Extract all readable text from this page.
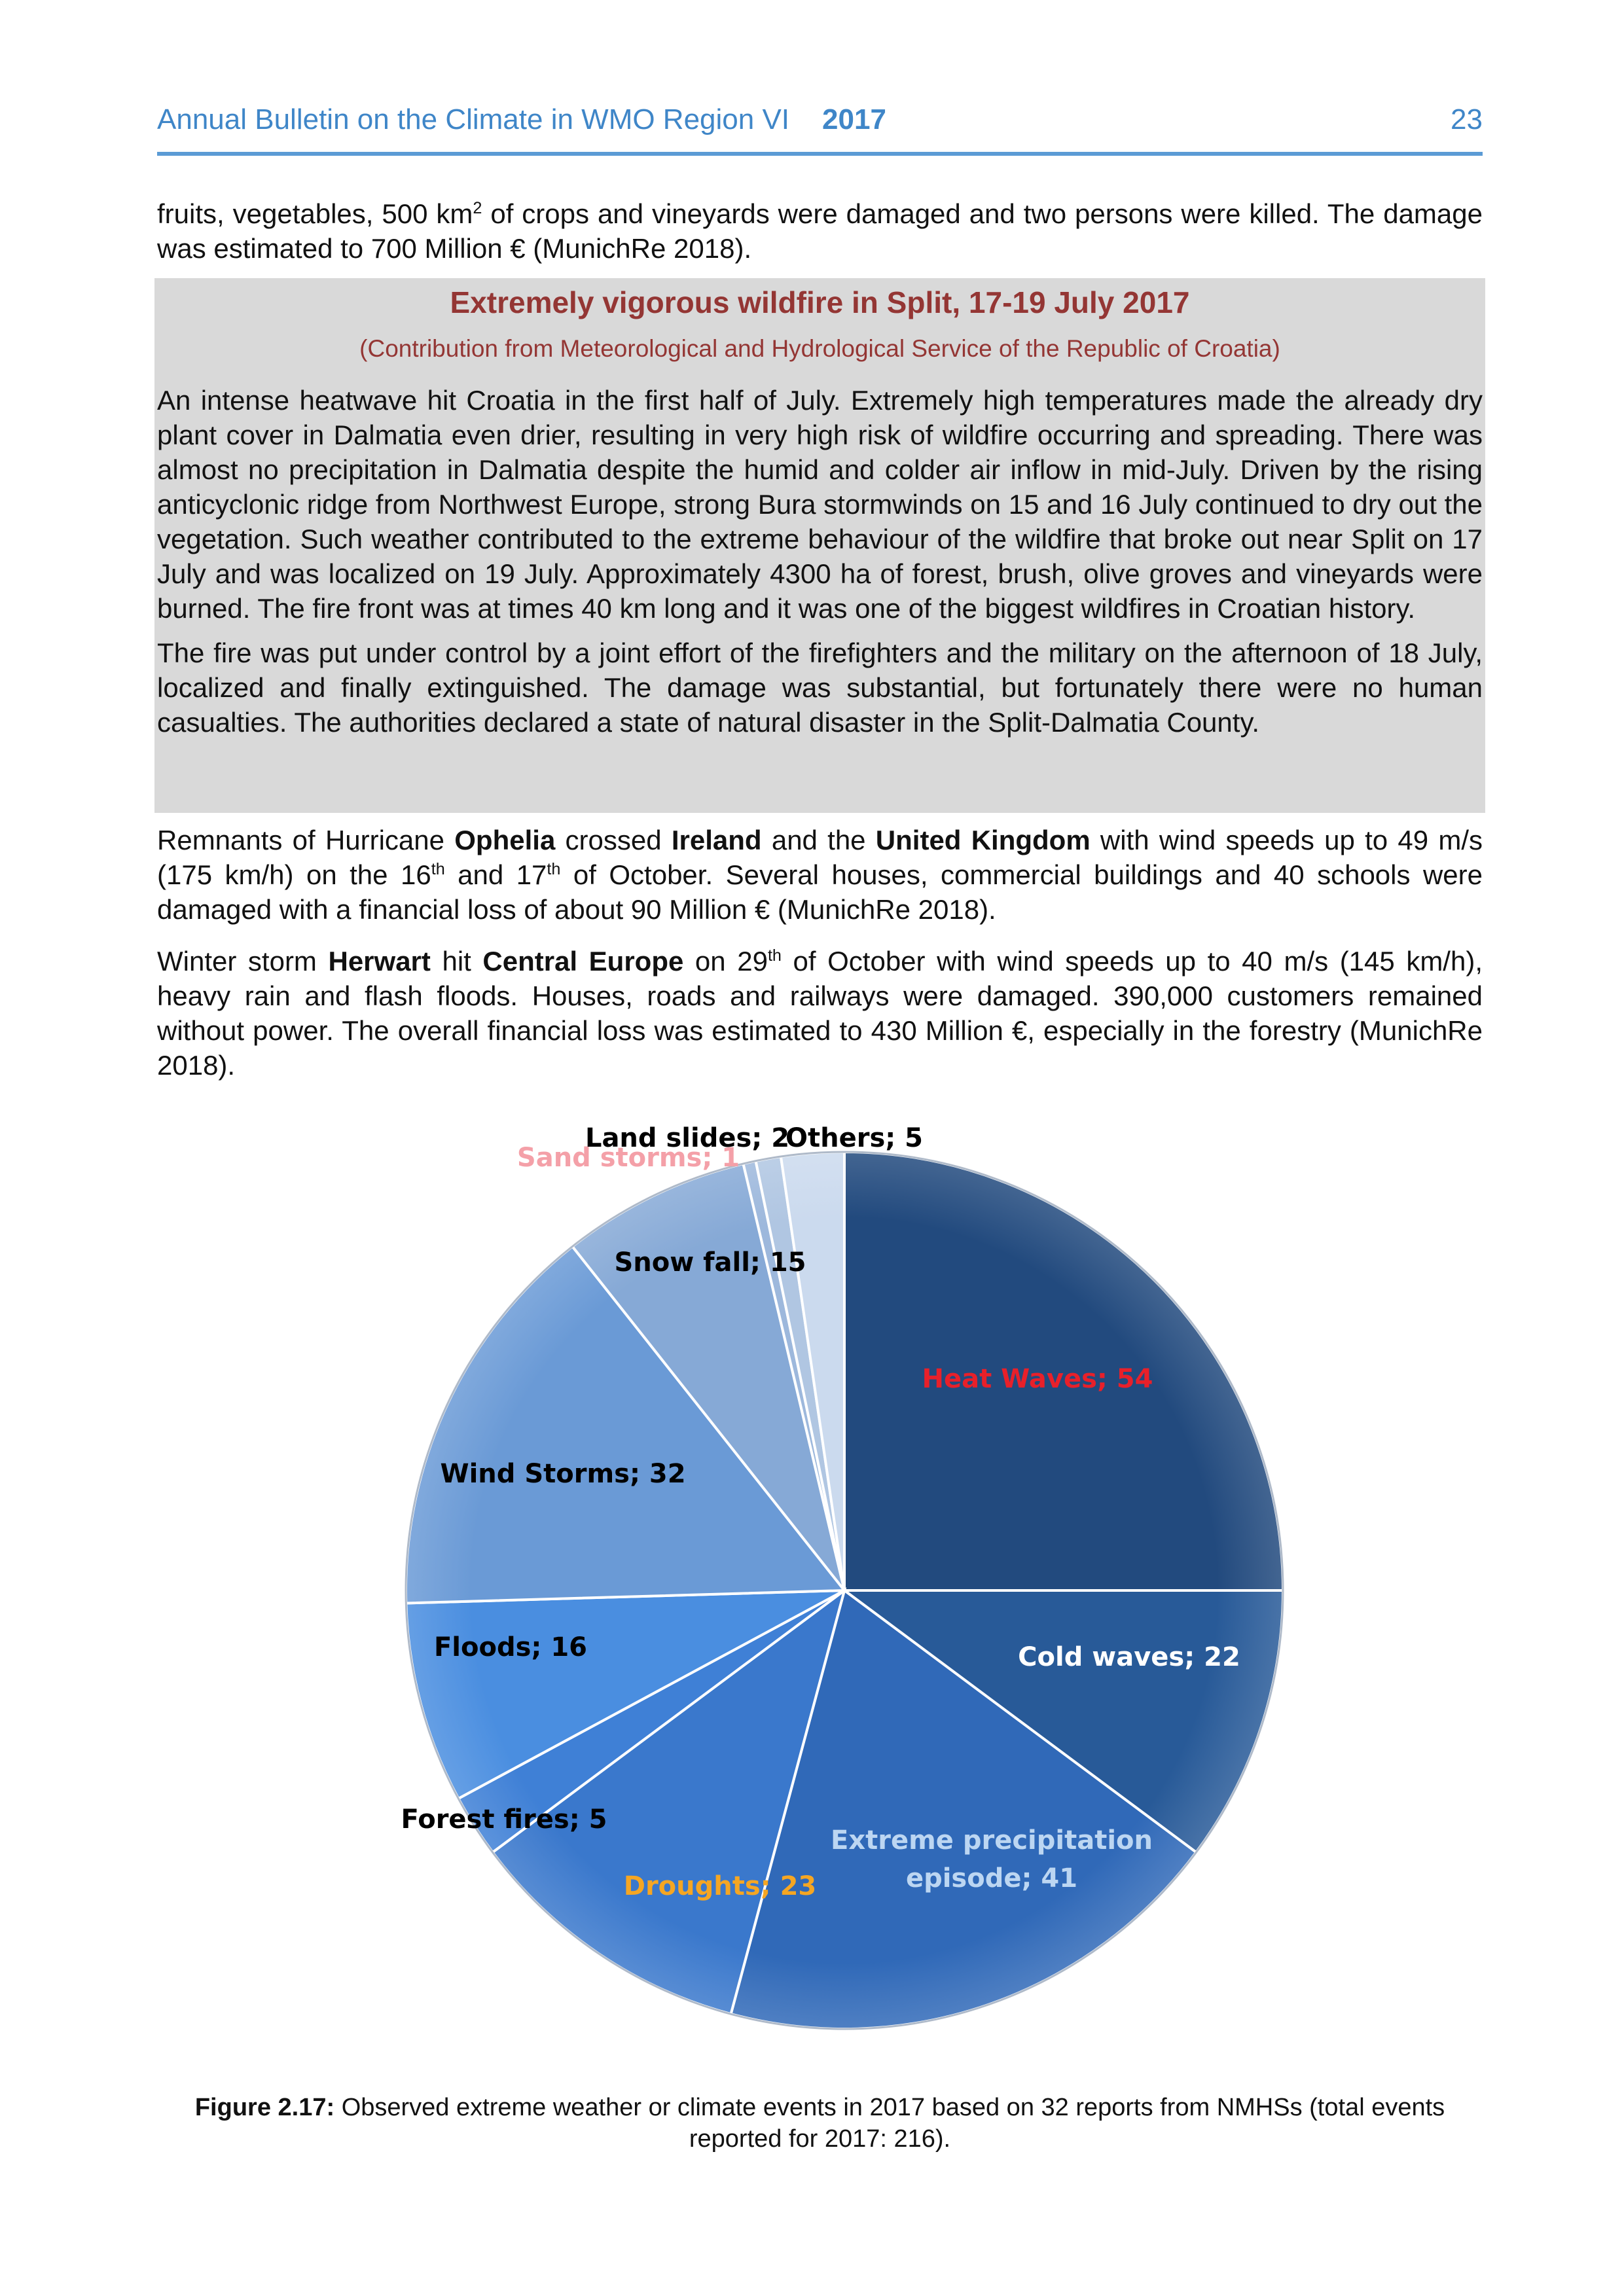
Annual Bulletin on the Climate in WMO Region VI 2017	23

fruits, vegetables, 500 $km^2$ of crops and vineyards were damaged and two persons were killed. The damage was estimated to 700 Million € (MunichRe 2018).

Extremely vigorous wildfire in Split, 17-19 July 2017
(Contribution from Meteorological and Hydrological Service of the Republic of Croatia)

An intense heatwave hit Croatia in the first half of July. Extremely high temperatures made the already dry plant cover in Dalmatia even drier, resulting in very high risk of wildfire occurring and spreading. There was almost no precipitation in Dalmatia despite the humid and colder air inflow in mid-July. Driven by the rising anticyclonic ridge from Northwest Europe, strong Bura stormwinds on 15 and 16 July continued to dry out the vegetation. Such weather contributed to the extreme behaviour of the wildfire that broke out near Split on 17 July and was localized on 19 July. Approximately 4300 ha of forest, brush, olive groves and vineyards were burned. The fire front was at times 40 km long and it was one of the biggest wildfires in Croatian history.

The fire was put under control by a joint effort of the firefighters and the military on the afternoon of 18 July, localized and finally extinguished. The damage was substantial, but fortunately there were no human casualties. The authorities declared a state of natural disaster in the Split-Dalmatia County.

Remnants of Hurricane Ophelia crossed Ireland and the United Kingdom with wind speeds up to 49 m/s (175 km/h) on the 16th and 17th of October. Several houses, commercial buildings and 40 schools were damaged with a financial loss of about 90 Million € (MunichRe 2018).

Winter storm Herwart hit Central Europe on 29th of October with wind speeds up to 40 m/s (145 km/h), heavy rain and flash floods. Houses, roads and railways were damaged. 390,000 customers remained without power. The overall financial loss was estimated to 430 Million €, especially in the forestry (MunichRe 2018).

Heat Waves; 54
Cold waves; 22
Extreme precipitation episode; 41
Droughts; 23
Forest fires; 5
Floods; 16
Wind Storms; 32
Snow fall; 15
Sand storms; 1
Land slides; 2
Others; 5
Figure 2.17: Observed extreme weather or climate events in 2017 based on 32 reports from NMHSs (total events reported for 2017: 216).
